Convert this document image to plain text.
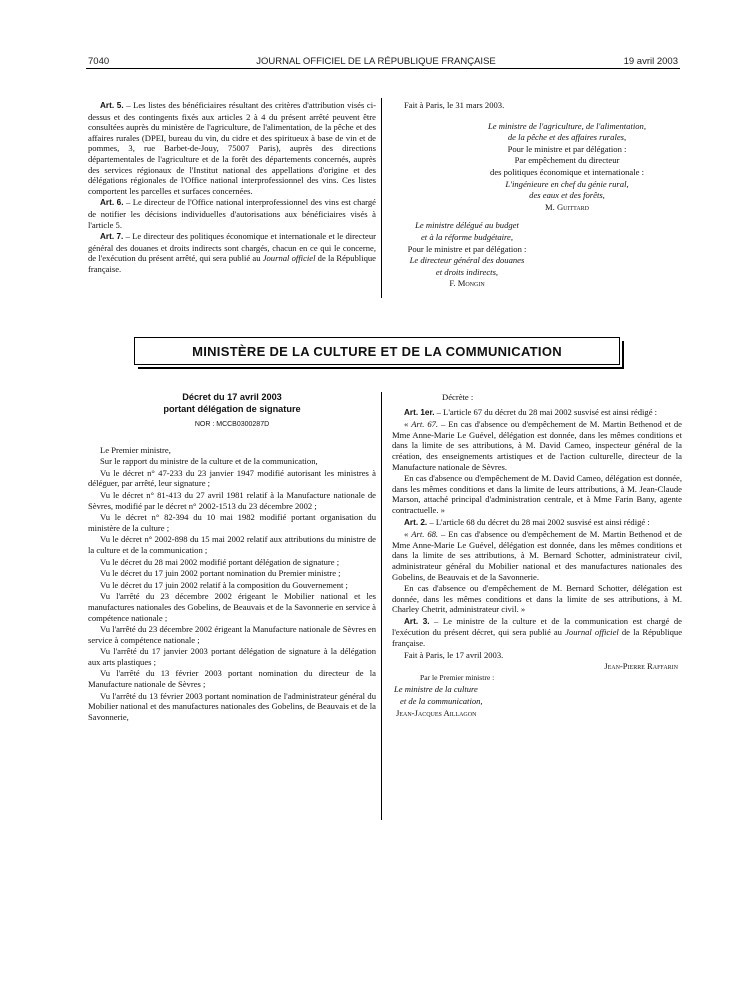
7040	JOURNAL OFFICIEL DE LA RÉPUBLIQUE FRANÇAISE	19 avril 2003

Art. 5. – Les listes des bénéficiaires résultant des critères d'attribution visés ci-dessus et des contingents fixés aux articles 2 à 4 du présent arrêté peuvent être consultées auprès du ministère de l'agriculture, de l'alimentation, de la pêche et des affaires rurales (DPEI, bureau du vin, du cidre et des spiritueux à base de vin et de pommes, 3, rue Barbet-de-Jouy, 75007 Paris), auprès des directions départementales de l'agriculture et de la forêt des départements concernés, auprès des services régionaux de l'Institut national des appellations d'origine et des délégations régionales de l'Office national interprofessionnel des vins. Ces listes comportent les parcelles et surfaces concernées.

Art. 6. – Le directeur de l'Office national interprofessionnel des vins est chargé de notifier les décisions individuelles d'autorisations aux bénéficiaires visés à l'article 5.

Art. 7. – Le directeur des politiques économique et internationale et le directeur général des douanes et droits indirects sont chargés, chacun en ce qui le concerne, de l'exécution du présent arrêté, qui sera publié au Journal officiel de la République française.

Fait à Paris, le 31 mars 2003.

Le ministre de l'agriculture, de l'alimentation,

de la pêche et des affaires rurales,

Pour le ministre et par délégation :

Par empêchement du directeur

des politiques économique et internationale :

L'ingénieure en chef du génie rural,

des eaux et des forêts,

M. Guittard

Le ministre délégué au budget

et à la réforme budgétaire,

Pour le ministre et par délégation :

Le directeur général des douanes

et droits indirects,

F. Mongin

MINISTÈRE DE LA CULTURE ET DE LA COMMUNICATION

Décret du 17 avril 2003

portant délégation de signature

NOR : MCCB0300287D

Le Premier ministre,

Sur le rapport du ministre de la culture et de la communication,

Vu le décret n° 47-233 du 23 janvier 1947 modifié autorisant les ministres à déléguer, par arrêté, leur signature ;

Vu le décret n° 81-413 du 27 avril 1981 relatif à la Manufacture nationale de Sèvres, modifié par le décret n° 2002-1513 du 23 décembre 2002 ;

Vu le décret n° 82-394 du 10 mai 1982 modifié portant organisation du ministère de la culture ;

Vu le décret n° 2002-898 du 15 mai 2002 relatif aux attributions du ministre de la culture et de la communication ;

Vu le décret du 28 mai 2002 modifié portant délégation de signature ;

Vu le décret du 17 juin 2002 portant nomination du Premier ministre ;

Vu le décret du 17 juin 2002 relatif à la composition du Gouvernement ;

Vu l'arrêté du 23 décembre 2002 érigeant le Mobilier national et les manufactures nationales des Gobelins, de Beauvais et de la Savonnerie en service à compétence nationale ;

Vu l'arrêté du 23 décembre 2002 érigeant la Manufacture nationale de Sèvres en service à compétence nationale ;

Vu l'arrêté du 17 janvier 2003 portant délégation de signature à la délégation aux arts plastiques ;

Vu l'arrêté du 13 février 2003 portant nomination du directeur de la Manufacture nationale de Sèvres ;

Vu l'arrêté du 13 février 2003 portant nomination de l'administrateur général du Mobilier national et des manufactures nationales des Gobelins, de Beauvais et de la Savonnerie,

Décrète :

Art. 1er. – L'article 67 du décret du 28 mai 2002 susvisé est ainsi rédigé :

« Art. 67. – En cas d'absence ou d'empêchement de M. Martin Bethenod et de Mme Anne-Marie Le Guével, délégation est donnée, dans les mêmes conditions et dans la limite de ses attributions, à M. David Cameo, inspecteur général de la création, des enseignements artistiques et de l'action culturelle, directeur de la Manufacture nationale de Sèvres.

En cas d'absence ou d'empêchement de M. David Cameo, délégation est donnée, dans les mêmes conditions et dans la limite de leurs attributions, à M. Jean-Claude Marson, attaché principal d'administration centrale, et à Mme Farin Bany, agente contractuelle. »

Art. 2. – L'article 68 du décret du 28 mai 2002 susvisé est ainsi rédigé :

« Art. 68. – En cas d'absence ou d'empêchement de M. Martin Bethenod et de Mme Anne-Marie Le Guével, délégation est donnée, dans les mêmes conditions et dans la limite de ses attributions, à M. Bernard Schotter, administrateur civil, administrateur général du Mobilier national et des manufactures nationales des Gobelins, de Beauvais et de la Savonnerie.

En cas d'absence ou d'empêchement de M. Bernard Schotter, délégation est donnée, dans les mêmes conditions et dans la limite de ses attributions, à M. Charley Chetrit, administrateur civil. »

Art. 3. – Le ministre de la culture et de la communication est chargé de l'exécution du présent décret, qui sera publié au Journal officiel de la République française.

Fait à Paris, le 17 avril 2003.

Jean-Pierre Raffarin

Par le Premier ministre :

Le ministre de la culture

et de la communication,

Jean-Jacques Aillagon
